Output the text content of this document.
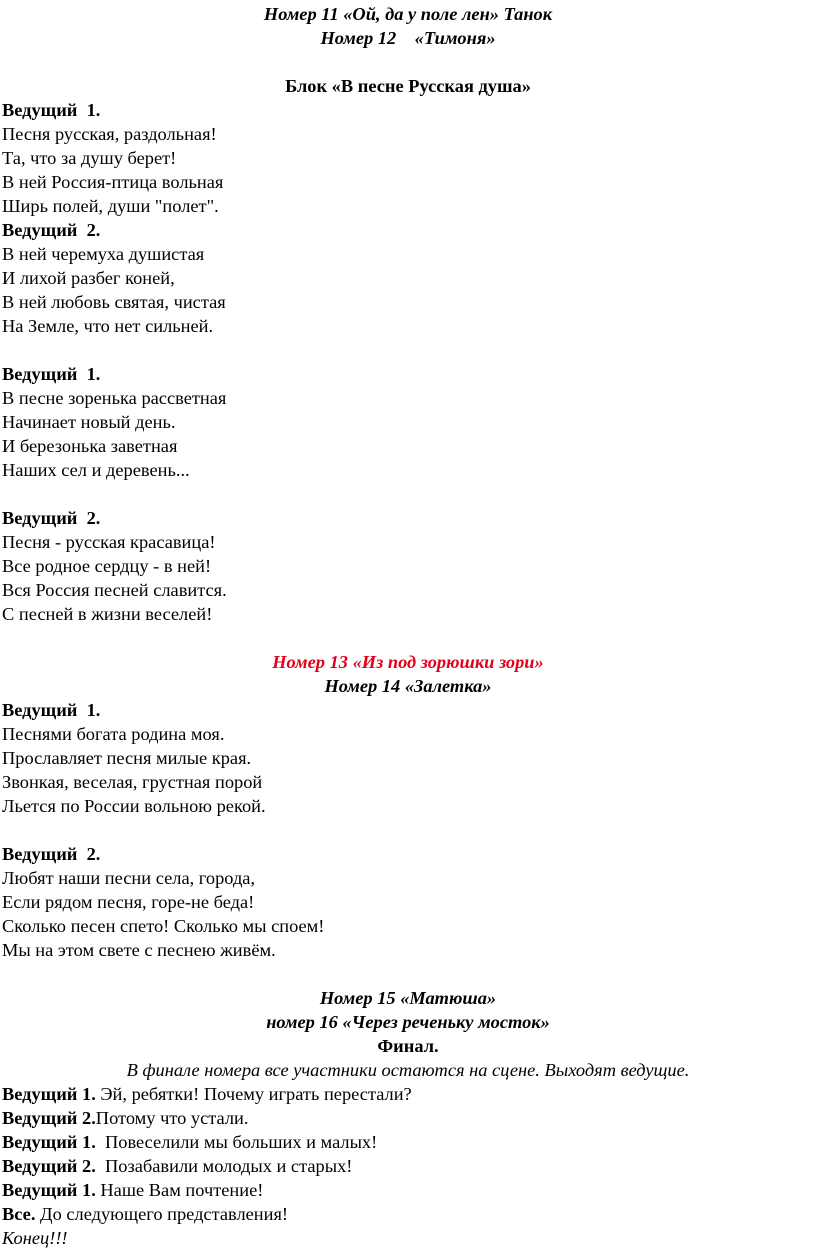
Номер 11 «Ой, да у поле лен» Танок
Номер 12    «Тимоня»
Блок «В песне Русская душа»
Ведущий  1.
Песня русская, раздольная!
Та, что за душу берет!
В ней Россия-птица вольная
Ширь полей, души "полет".
Ведущий  2.
В ней черемуха душистая
И лихой разбег коней,
В ней любовь святая, чистая
На Земле, что нет сильней.
Ведущий  1.
В песне зоренька рассветная
Начинает новый день.
И березонька заветная
Наших сел и деревень...
Ведущий  2.
Песня - русская красавица!
Все родное сердцу - в ней!
Вся Россия песней славится.
С песней в жизни веселей!
Номер 13 «Из под зорюшки зори»
Номер 14 «Залетка»
Ведущий  1.
Песнями богата родина моя.
Прославляет песня милые края.
Звонкая, веселая, грустная порой
Льется по России вольною рекой.
Ведущий  2.
Любят наши песни села, города,
Если рядом песня, горе-не беда!
Сколько песен спето! Сколько мы споем!
Мы на этом свете с песнею живём.
Номер 15 «Матюша»
номер 16 «Через реченьку мосток»
Финал.
В финале номера все участники остаются на сцене. Выходят ведущие.
Ведущий 1. Эй, ребятки! Почему играть перестали?
Ведущий 2.Потому что устали.
Ведущий 1.  Повеселили мы больших и малых!
Ведущий 2.  Позабавили молодых и старых!
Ведущий 1. Наше Вам почтение!
Все. До следующего представления!
Конец!!!
